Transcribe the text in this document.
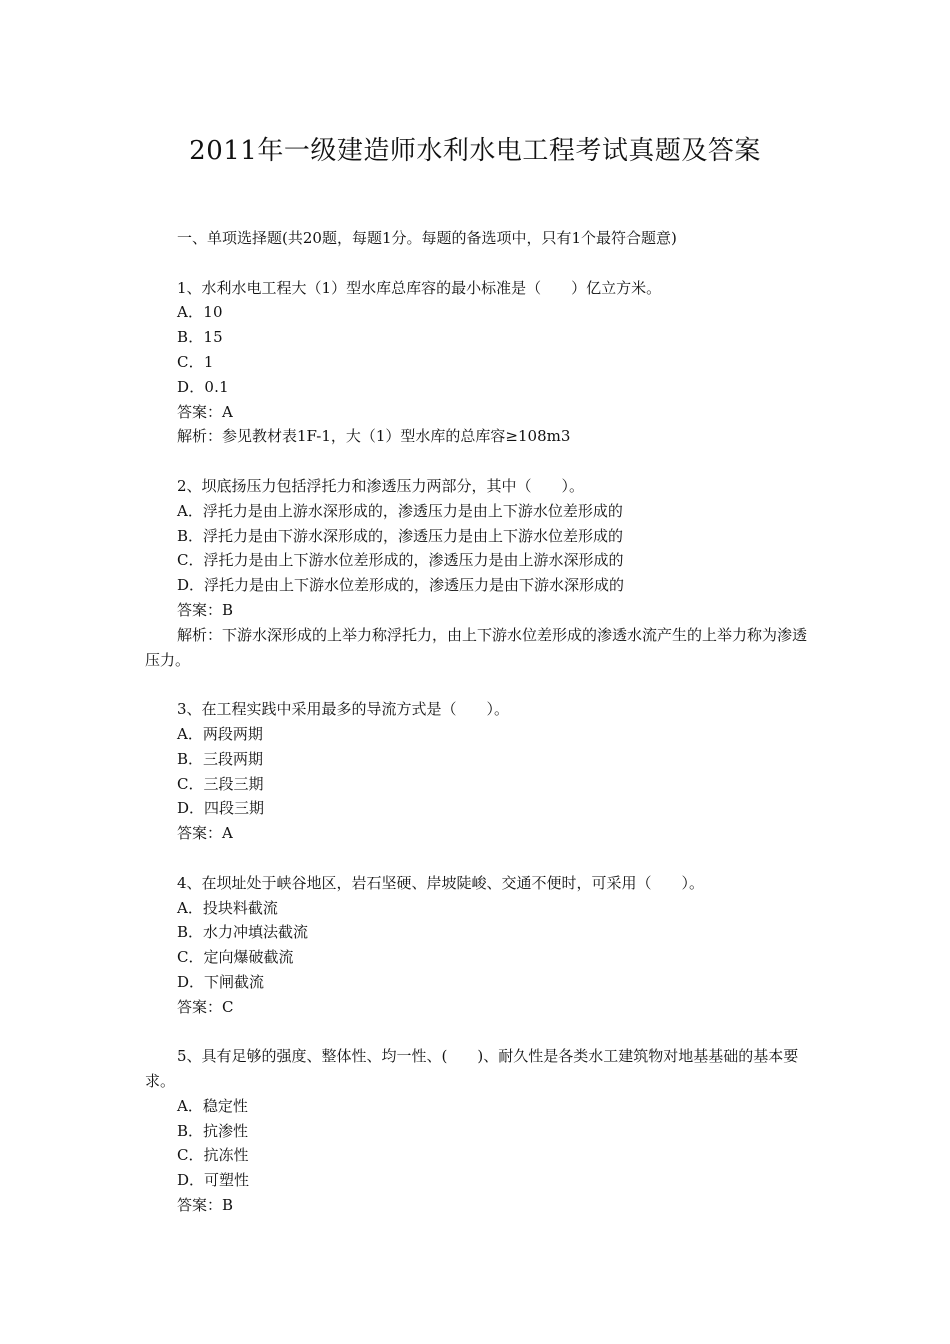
2011年一级建造师水利水电工程考试真题及答案
一、单项选择题(共20题，每题1分。每题的备选项中，只有1个最符合题意)
1、水利水电工程大（1）型水库总库容的最小标准是（　　）亿立方米。
A．10
B．15
C．1
D．0.1
答案：A
解析：参见教材表1F-1，大（1）型水库的总库容≥108m3
2、坝底扬压力包括浮托力和渗透压力两部分，其中（　　）。
A．浮托力是由上游水深形成的，渗透压力是由上下游水位差形成的
B．浮托力是由下游水深形成的，渗透压力是由上下游水位差形成的
C．浮托力是由上下游水位差形成的，渗透压力是由上游水深形成的
D．浮托力是由上下游水位差形成的，渗透压力是由下游水深形成的
答案：B
解析：下游水深形成的上举力称浮托力，由上下游水位差形成的渗透水流产生的上举力称为渗透压力。
3、在工程实践中采用最多的导流方式是（　　）。
A．两段两期
B．三段两期
C．三段三期
D．四段三期
答案：A
4、在坝址处于峡谷地区，岩石坚硬、岸坡陡峻、交通不便时，可采用（　　）。
A．投块料截流
B．水力冲填法截流
C．定向爆破截流
D．下闸截流
答案：C
5、具有足够的强度、整体性、均一性、(　　)、耐久性是各类水工建筑物对地基基础的基本要求。
A．稳定性
B．抗渗性
C．抗冻性
D．可塑性
答案：B
